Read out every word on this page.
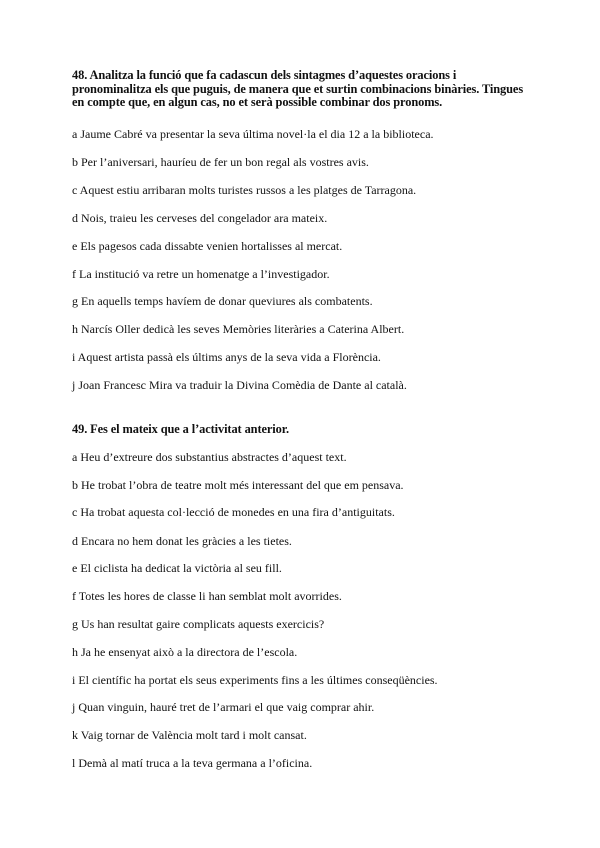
48. Analitza la funció que fa cadascun dels sintagmes d’aquestes oracions i pronominalitza els que puguis, de manera que et surtin combinacions binàries. Tingues en compte que, en algun cas, no et serà possible combinar dos pronoms.

a Jaume Cabré va presentar la seva última novel·la el dia 12 a la biblioteca.

b Per l’aniversari, hauríeu de fer un bon regal als vostres avis.

c Aquest estiu arribaran molts turistes russos a les platges de Tarragona.

d Nois, traieu les cerveses del congelador ara mateix.

e Els pagesos cada dissabte venien hortalisses al mercat.

f La institució va retre un homenatge a l’investigador.

g En aquells temps havíem de donar queviures als combatents.

h Narcís Oller dedicà les seves Memòries literàries a Caterina Albert.

i Aquest artista passà els últims anys de la seva vida a Florència.

j Joan Francesc Mira va traduir la Divina Comèdia de Dante al català.

49. Fes el mateix que a l’activitat anterior.

a Heu d’extreure dos substantius abstractes d’aquest text.

b He trobat l’obra de teatre molt més interessant del que em pensava.

c Ha trobat aquesta col·lecció de monedes en una fira d’antiguitats.

d Encara no hem donat les gràcies a les tietes.

e El ciclista ha dedicat la victòria al seu fill.

f Totes les hores de classe li han semblat molt avorrides.

g Us han resultat gaire complicats aquests exercicis?

h Ja he ensenyat això a la directora de l’escola.

i El científic ha portat els seus experiments fins a les últimes conseqüències.

j Quan vinguin, hauré tret de l’armari el que vaig comprar ahir.

k Vaig tornar de València molt tard i molt cansat.

l Demà al matí truca a la teva germana a l’oficina.
